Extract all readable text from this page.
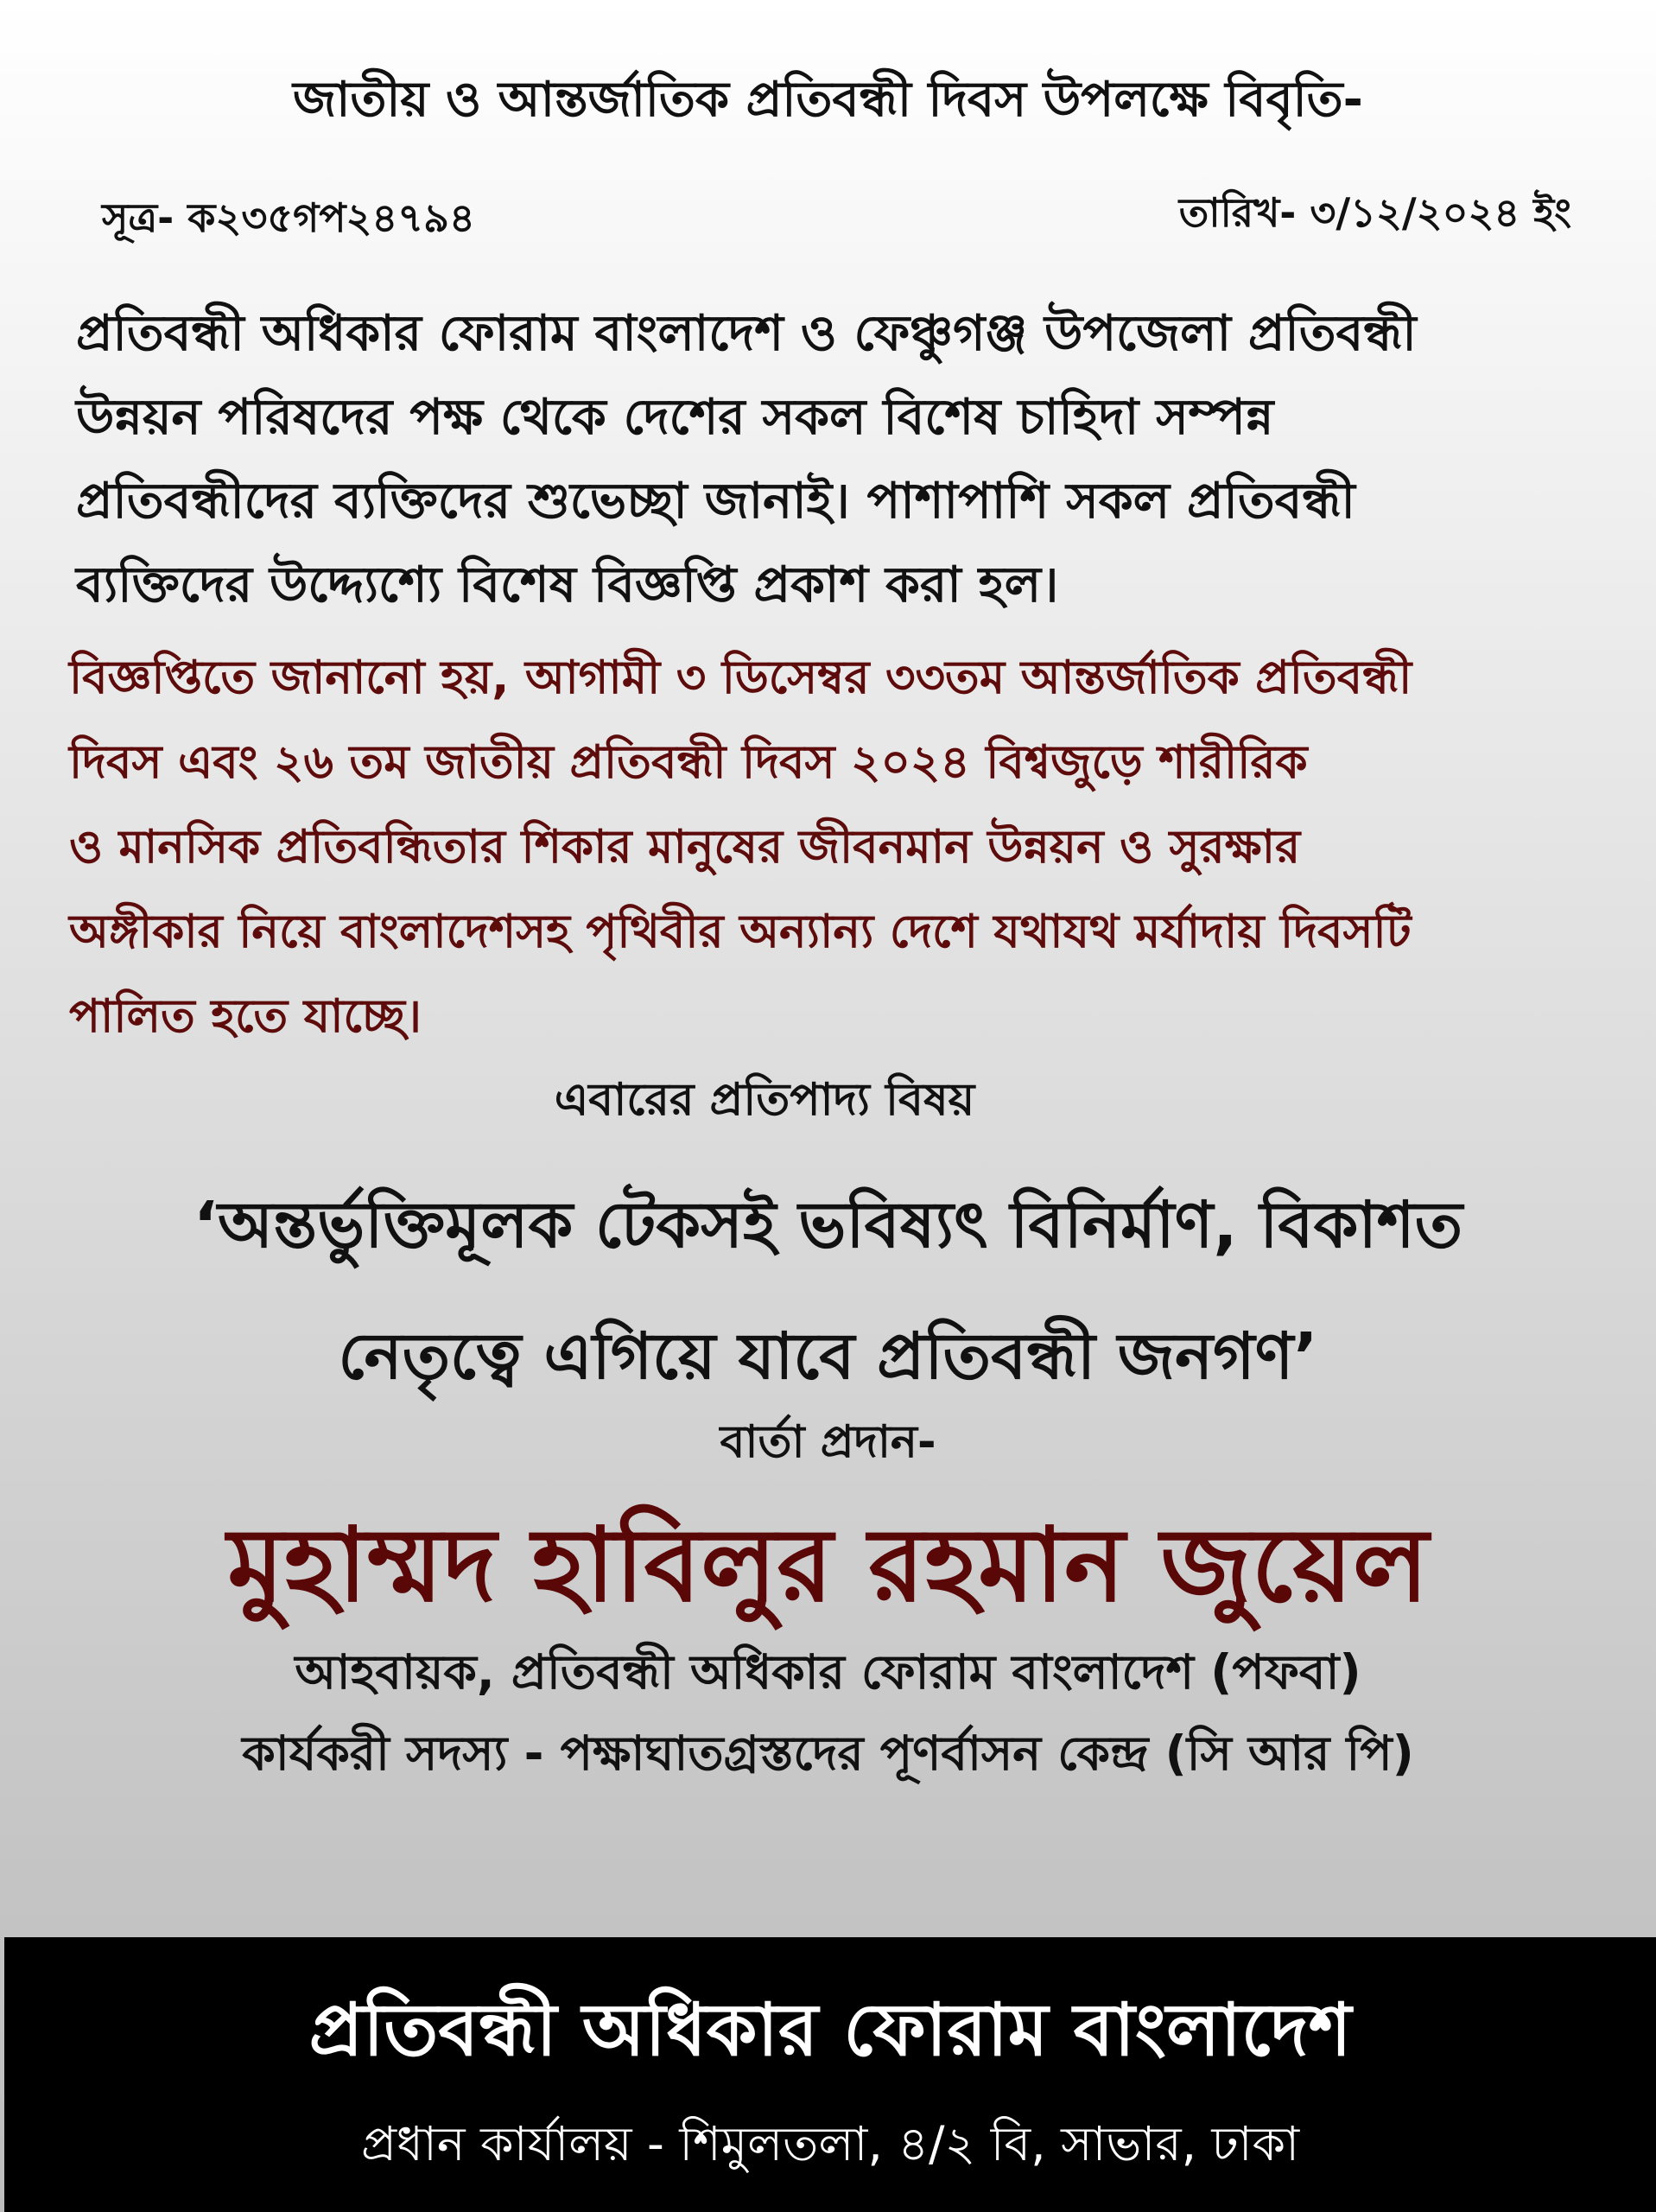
জাতীয় ও আন্তর্জাতিক প্রতিবন্ধী দিবস উপলক্ষে বিবৃতি-
সূত্র- ক২৩৫গপ২৪৭৯৪	তারিখ- ৩/১২/২০২৪ ইং
প্রতিবন্ধী অধিকার ফোরাম বাংলাদেশ ও ফেঞ্চুগঞ্জ উপজেলা প্রতিবন্ধী
উন্নয়ন পরিষদের পক্ষ থেকে দেশের সকল বিশেষ চাহিদা সম্পন্ন
প্রতিবন্ধীদের ব্যক্তিদের শুভেচ্ছা জানাই। পাশাপাশি সকল প্রতিবন্ধী
ব্যক্তিদের উদ্দ্যেশ্যে বিশেষ বিজ্ঞপ্তি প্রকাশ করা হল।
বিজ্ঞপ্তিতে জানানো হয়, আগামী ৩ ডিসেম্বর ৩৩তম আন্তর্জাতিক প্রতিবন্ধী
দিবস এবং ২৬ তম জাতীয় প্রতিবন্ধী দিবস ২০২৪ বিশ্বজুড়ে শারীরিক
ও মানসিক প্রতিবন্ধিতার শিকার মানুষের জীবনমান উন্নয়ন ও সুরক্ষার
অঙ্গীকার নিয়ে বাংলাদেশসহ পৃথিবীর অন্যান্য দেশে যথাযথ মর্যাদায় দিবসটি
পালিত হতে যাচ্ছে।
এবারের প্রতিপাদ্য বিষয়
‘অন্তর্ভুক্তিমূলক টেকসই ভবিষ্যৎ বিনির্মাণ, বিকাশত
নেতৃত্বে এগিয়ে যাবে প্রতিবন্ধী জনগণ’
বার্তা প্রদান-
মুহাম্মদ হাবিলুর রহমান জুয়েল
আহবায়ক, প্রতিবন্ধী অধিকার ফোরাম বাংলাদেশ (পফবা)
কার্যকরী সদস্য - পক্ষাঘাতগ্রস্তদের পূণর্বাসন কেন্দ্র (সি আর পি)
প্রতিবন্ধী অধিকার ফোরাম বাংলাদেশ
প্রধান কার্যালয় - শিমুলতলা, ৪/২ বি, সাভার, ঢাকা
